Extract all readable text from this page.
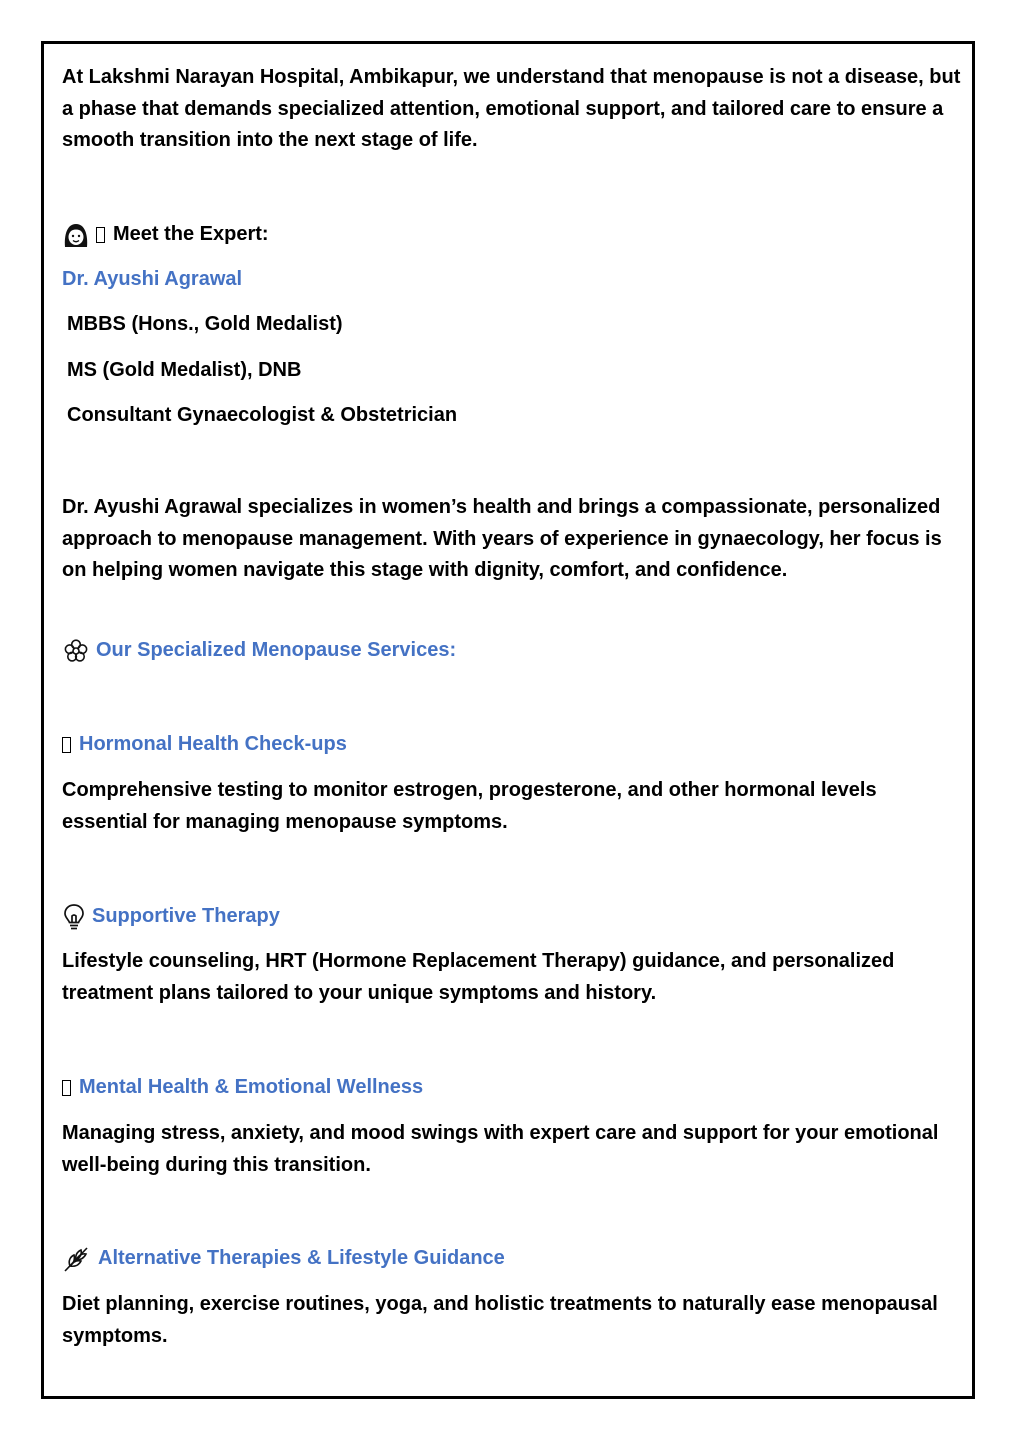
At Lakshmi Narayan Hospital, Ambikapur, we understand that menopause is not a disease, but a phase that demands specialized attention, emotional support, and tailored care to ensure a smooth transition into the next stage of life.

Meet the Expert:

Dr. Ayushi Agrawal

MBBS (Hons., Gold Medalist)

MS (Gold Medalist), DNB

Consultant Gynaecologist & Obstetrician

Dr. Ayushi Agrawal specializes in women’s health and brings a compassionate, personalized approach to menopause management. With years of experience in gynaecology, her focus is on helping women navigate this stage with dignity, comfort, and confidence.

Our Specialized Menopause Services:
Hormonal Health Check-ups

Comprehensive testing to monitor estrogen, progesterone, and other hormonal levels essential for managing menopause symptoms.

Supportive Therapy

Lifestyle counseling, HRT (Hormone Replacement Therapy) guidance, and personalized treatment plans tailored to your unique symptoms and history.

Mental Health & Emotional Wellness

Managing stress, anxiety, and mood swings with expert care and support for your emotional well-being during this transition.

Alternative Therapies & Lifestyle Guidance

Diet planning, exercise routines, yoga, and holistic treatments to naturally ease menopausal symptoms.
